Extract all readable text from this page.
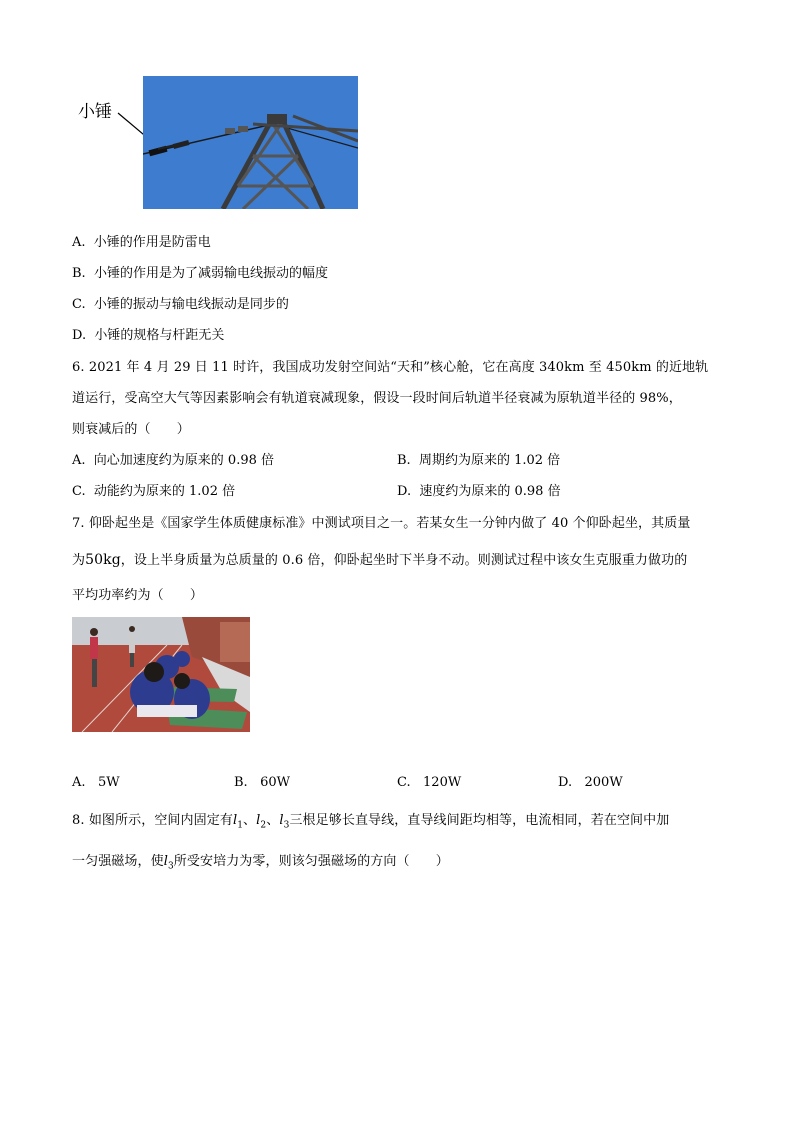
小锤
A. 小锤的作用是防雷电
B. 小锤的作用是为了减弱输电线振动的幅度
C. 小锤的振动与输电线振动是同步的
D. 小锤的规格与杆距无关
6. 2021 年 4 月 29 日 11 时许，我国成功发射空间站“天和”核心舱，它在高度 340km 至 450km 的近地轨
道运行，受高空大气等因素影响会有轨道衰减现象，假设一段时间后轨道半径衰减为原轨道半径的 98%，
则衰减后的（　　）
A. 向心加速度约为原来的 0.98 倍	B. 周期约为原来的 1.02 倍
C. 动能约为原来的 1.02 倍	D. 速度约为原来的 0.98 倍
7. 仰卧起坐是《国家学生体质健康标准》中测试项目之一。若某女生一分钟内做了 40 个仰卧起坐，其质量
为50kg，设上半身质量为总质量的 0.6 倍，仰卧起坐时下半身不动。则测试过程中该女生克服重力做功的
平均功率约为（　　）
A. 5W	B. 60W	C. 120W	D. 200W
8. 如图所示，空间内固定有$l_1$、$l_2$、$l_3$三根足够长直导线，直导线间距均相等，电流相同，若在空间中加
一匀强磁场，使$l_3$所受安培力为零，则该匀强磁场的方向（　　）
